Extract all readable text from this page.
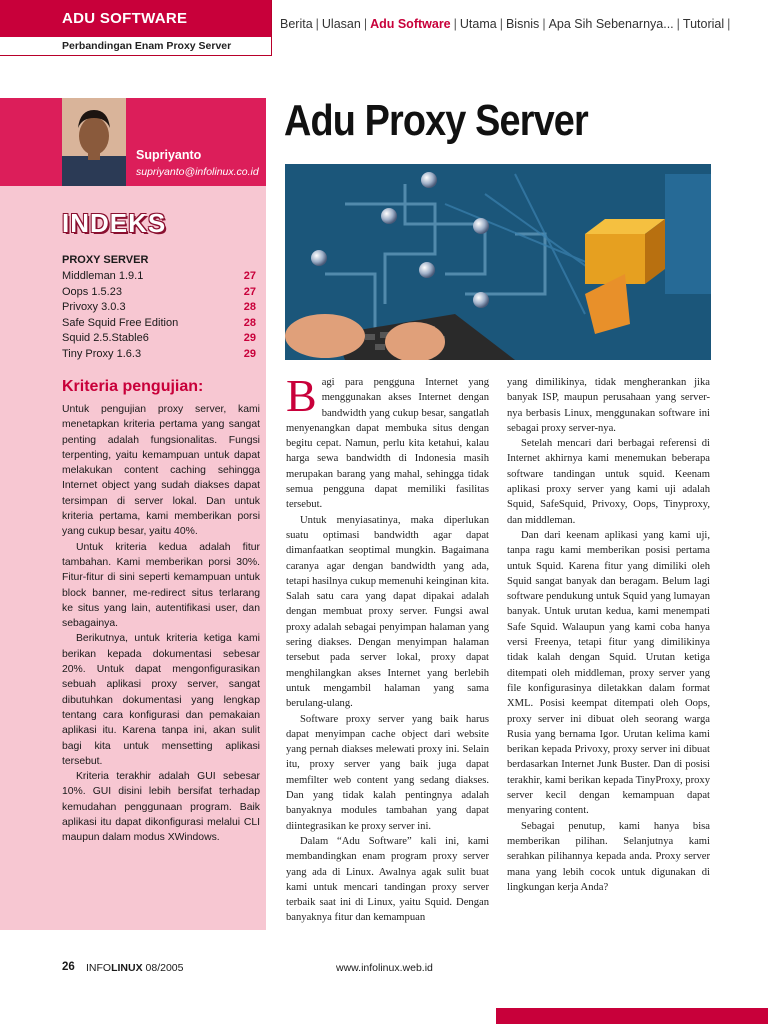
ADU SOFTWARE
Perbandingan Enam Proxy Server
Berita | Ulasan | Adu Software | Utama | Bisnis | Apa Sih Sebenarnya... | Tutorial |
Supriyanto
supriyanto@infolinux.co.id
INDEKS
PROXY SERVER
Middleman 1.9.1	27
Oops 1.5.23	27
Privoxy 3.0.3	28
Safe Squid Free Edition	28
Squid 2.5.Stable6	29
Tiny Proxy 1.6.3	29
Kriteria pengujian:

Untuk pengujian proxy server, kami menetapkan kriteria pertama yang sangat penting adalah fungsionalitas. Fungsi terpenting, yaitu kemampuan untuk dapat melakukan content caching sehingga Internet object yang sudah diakses dapat tersimpan di server lokal. Dan untuk kriteria pertama, kami memberikan porsi yang cukup besar, yaitu 40%.

Untuk kriteria kedua adalah fitur tambahan. Kami memberikan porsi 30%. Fitur-fitur di sini seperti kemampuan untuk block banner, me-redirect situs terlarang ke situs yang lain, autentifikasi user, dan sebagainya.

Berikutnya, untuk kriteria ketiga kami berikan kepada dokumentasi sebesar 20%. Untuk dapat mengonfigurasikan sebuah aplikasi proxy server, sangat dibutuhkan dokumentasi yang lengkap tentang cara konfigurasi dan pemakaian aplikasi itu. Karena tanpa ini, akan sulit bagi kita untuk mensetting aplikasi tersebut.

Kriteria terakhir adalah GUI sebesar 10%. GUI disini lebih bersifat terhadap kemudahan penggunaan program. Baik aplikasi itu dapat dikonfigurasi melalui CLI maupun dalam modus XWindows.

Adu Proxy Server
B agi para pengguna Internet yang menggunakan akses Internet dengan bandwidth yang cukup besar, sangatlah menyenangkan dapat membuka situs dengan begitu cepat. Namun, perlu kita ketahui, kalau harga sewa bandwidth di Indonesia masih merupakan barang yang mahal, sehingga tidak semua pengguna dapat memiliki fasilitas tersebut.

Untuk menyiasatinya, maka diperlukan suatu optimasi bandwidth agar dapat dimanfaatkan seoptimal mungkin. Bagaimana caranya agar dengan bandwidth yang ada, tetapi hasilnya cukup memenuhi keinginan kita. Salah satu cara yang dapat dipakai adalah dengan membuat proxy server. Fungsi awal proxy adalah sebagai penyimpan halaman yang sering diakses. Dengan menyimpan halaman tersebut pada server lokal, proxy dapat menghilangkan akses Internet yang berlebih untuk mengambil halaman yang sama berulang-ulang.

Software proxy server yang baik harus dapat menyimpan cache object dari website yang pernah diakses melewati proxy ini. Selain itu, proxy server yang baik juga dapat memfilter web content yang sedang diakses. Dan yang tidak kalah pentingnya adalah banyaknya modules tambahan yang dapat diintegrasikan ke proxy server ini.

Dalam “Adu Software” kali ini, kami membandingkan enam program proxy server yang ada di Linux. Awalnya agak sulit buat kami untuk mencari tandingan proxy server terbaik saat ini di Linux, yaitu Squid. Dengan banyaknya fitur dan kemampuan

yang dimilikinya, tidak mengherankan jika banyak ISP, maupun perusahaan yang server-nya berbasis Linux, menggunakan software ini sebagai proxy server-nya.

Setelah mencari dari berbagai referensi di Internet akhirnya kami menemukan beberapa software tandingan untuk squid. Keenam aplikasi proxy server yang kami uji adalah Squid, SafeSquid, Privoxy, Oops, Tinyproxy, dan middleman.

Dan dari keenam aplikasi yang kami uji, tanpa ragu kami memberikan posisi pertama untuk Squid. Karena fitur yang dimiliki oleh Squid sangat banyak dan beragam. Belum lagi software pendukung untuk Squid yang lumayan banyak. Untuk urutan kedua, kami menempati Safe Squid. Walaupun yang kami coba hanya versi Freenya, tetapi fitur yang dimilikinya tidak kalah dengan Squid. Urutan ketiga ditempati oleh middleman, proxy server yang file konfigurasinya diletakkan dalam format XML. Posisi keempat ditempati oleh Oops, proxy server ini dibuat oleh seorang warga Rusia yang bernama Igor. Urutan kelima kami berikan kepada Privoxy, proxy server ini dibuat berdasarkan Internet Junk Buster. Dan di posisi terakhir, kami berikan kepada TinyProxy, proxy server kecil dengan kemampuan dapat menyaring content.

Sebagai penutup, kami hanya bisa memberikan pilihan. Selanjutnya kami serahkan pilihannya kepada anda. Proxy server mana yang lebih cocok untuk digunakan di lingkungan kerja Anda?

26 INFOLINUX 08/2005	www.infolinux.web.id
